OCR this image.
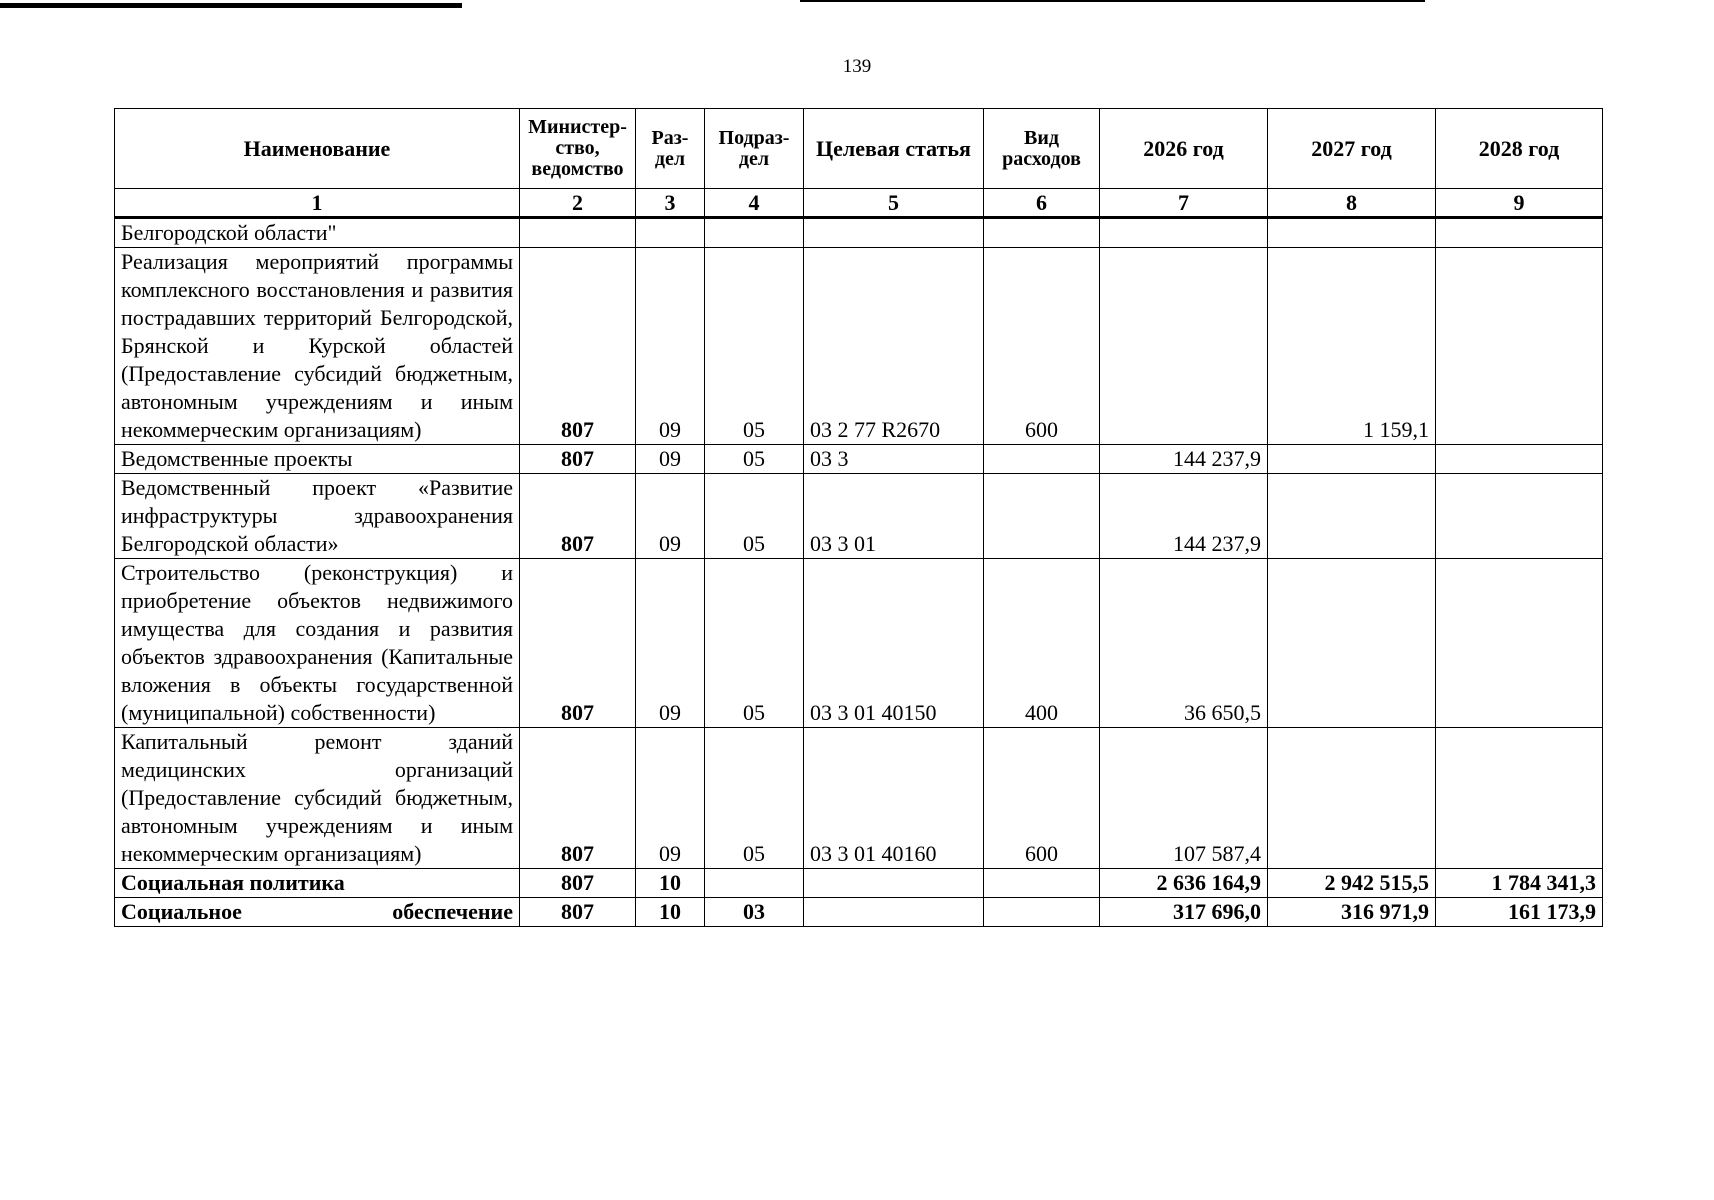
139
Наименование	Министер-ство, ведомство	Раз-дел	Подраз-дел	Целевая статья	Вид расходов	2026 год	2027 год	2028 год
1	2	3	4	5	6	7	8	9
Белгородской области"								
Реализация мероприятий программы комплексного восстановления и развития пострадавших территорий Белгородской, Брянской и Курской областей (Предоставление субсидий бюджетным, автономным учреждениям и иным некоммерческим организациям)	807	09	05	03 2 77 R2670	600		1 159,1	
Ведомственные проекты	807	09	05	03 3		144 237,9		
Ведомственный проект «Развитие инфраструктуры здравоохранения Белгородской области»	807	09	05	03 3 01		144 237,9		
Строительство (реконструкция) и приобретение объектов недвижимого имущества для создания и развития объектов здравоохранения (Капитальные вложения в объекты государственной (муниципальной) собственности)	807	09	05	03 3 01 40150	400	36 650,5		
Капитальный ремонт зданий медицинских организаций (Предоставление субсидий бюджетным, автономным учреждениям и иным некоммерческим организациям)	807	09	05	03 3 01 40160	600	107 587,4		
Социальная политика	807	10				2 636 164,9	2 942 515,5	1 784 341,3
Социальное обеспечение	807	10	03			317 696,0	316 971,9	161 173,9
